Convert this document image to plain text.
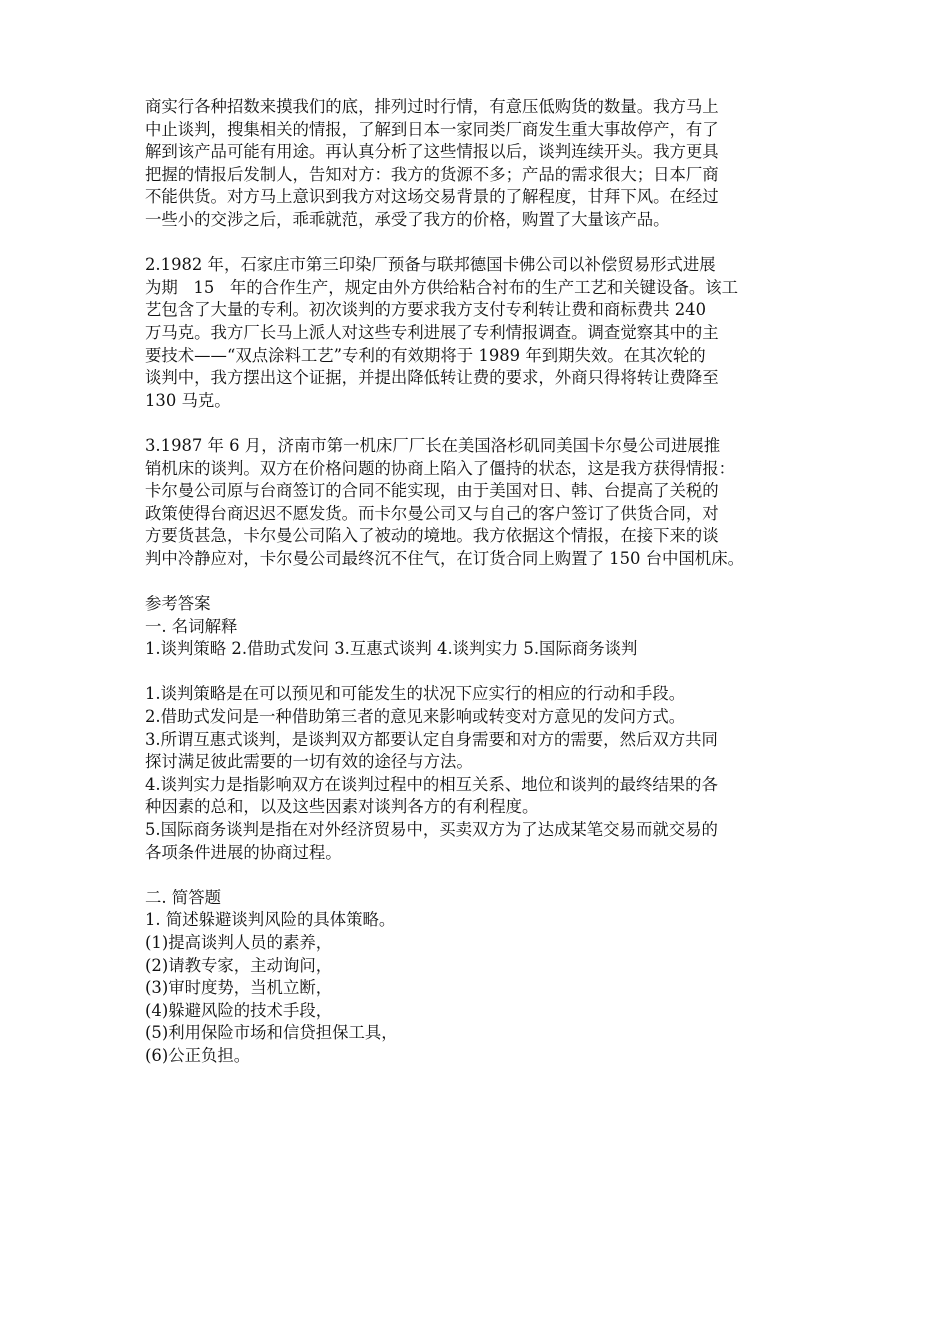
商实行各种招数来摸我们的底，排列过时行情，有意压低购货的数量。我方马上
中止谈判，搜集相关的情报，了解到日本一家同类厂商发生重大事故停产，有了
解到该产品可能有用途。再认真分析了这些情报以后，谈判连续开头。我方更具
把握的情报后发制人，告知对方：我方的货源不多；产品的需求很大；日本厂商
不能供货。对方马上意识到我方对这场交易背景的了解程度，甘拜下风。在经过
一些小的交涉之后，乖乖就范，承受了我方的价格，购置了大量该产品。
2.1982 年，石家庄市第三印染厂预备与联邦德国卡佛公司以补偿贸易形式进展
为期   15   年的合作生产，规定由外方供给粘合衬布的生产工艺和关键设备。该工
艺包含了大量的专利。初次谈判的方要求我方支付专利转让费和商标费共 240
万马克。我方厂长马上派人对这些专利进展了专利情报调查。调查觉察其中的主
要技术——“双点涂料工艺”专利的有效期将于 1989 年到期失效。在其次轮的
谈判中，我方摆出这个证据，并提出降低转让费的要求，外商只得将转让费降至
130 马克。
3.1987 年 6 月，济南市第一机床厂厂长在美国洛杉矶同美国卡尔曼公司进展推
销机床的谈判。双方在价格问题的协商上陷入了僵持的状态，这是我方获得情报：
卡尔曼公司原与台商签订的合同不能实现，由于美国对日、韩、台提高了关税的
政策使得台商迟迟不愿发货。而卡尔曼公司又与自己的客户签订了供货合同，对
方要货甚急，卡尔曼公司陷入了被动的境地。我方依据这个情报，在接下来的谈
判中冷静应对，卡尔曼公司最终沉不住气，在订货合同上购置了 150 台中国机床。
参考答案
一. 名词解释
1.谈判策略 2.借助式发问 3.互惠式谈判 4.谈判实力 5.国际商务谈判
1.谈判策略是在可以预见和可能发生的状况下应实行的相应的行动和手段。
2.借助式发问是一种借助第三者的意见来影响或转变对方意见的发问方式。
3.所谓互惠式谈判，是谈判双方都要认定自身需要和对方的需要，然后双方共同
探讨满足彼此需要的一切有效的途径与方法。
4.谈判实力是指影响双方在谈判过程中的相互关系、地位和谈判的最终结果的各
种因素的总和，以及这些因素对谈判各方的有利程度。
5.国际商务谈判是指在对外经济贸易中，买卖双方为了达成某笔交易而就交易的
各项条件进展的协商过程。
二. 简答题
1. 简述躲避谈判风险的具体策略。
(1)提高谈判人员的素养，
(2)请教专家，主动询问，
(3)审时度势，当机立断，
(4)躲避风险的技术手段，
(5)利用保险市场和信贷担保工具，
(6)公正负担。
